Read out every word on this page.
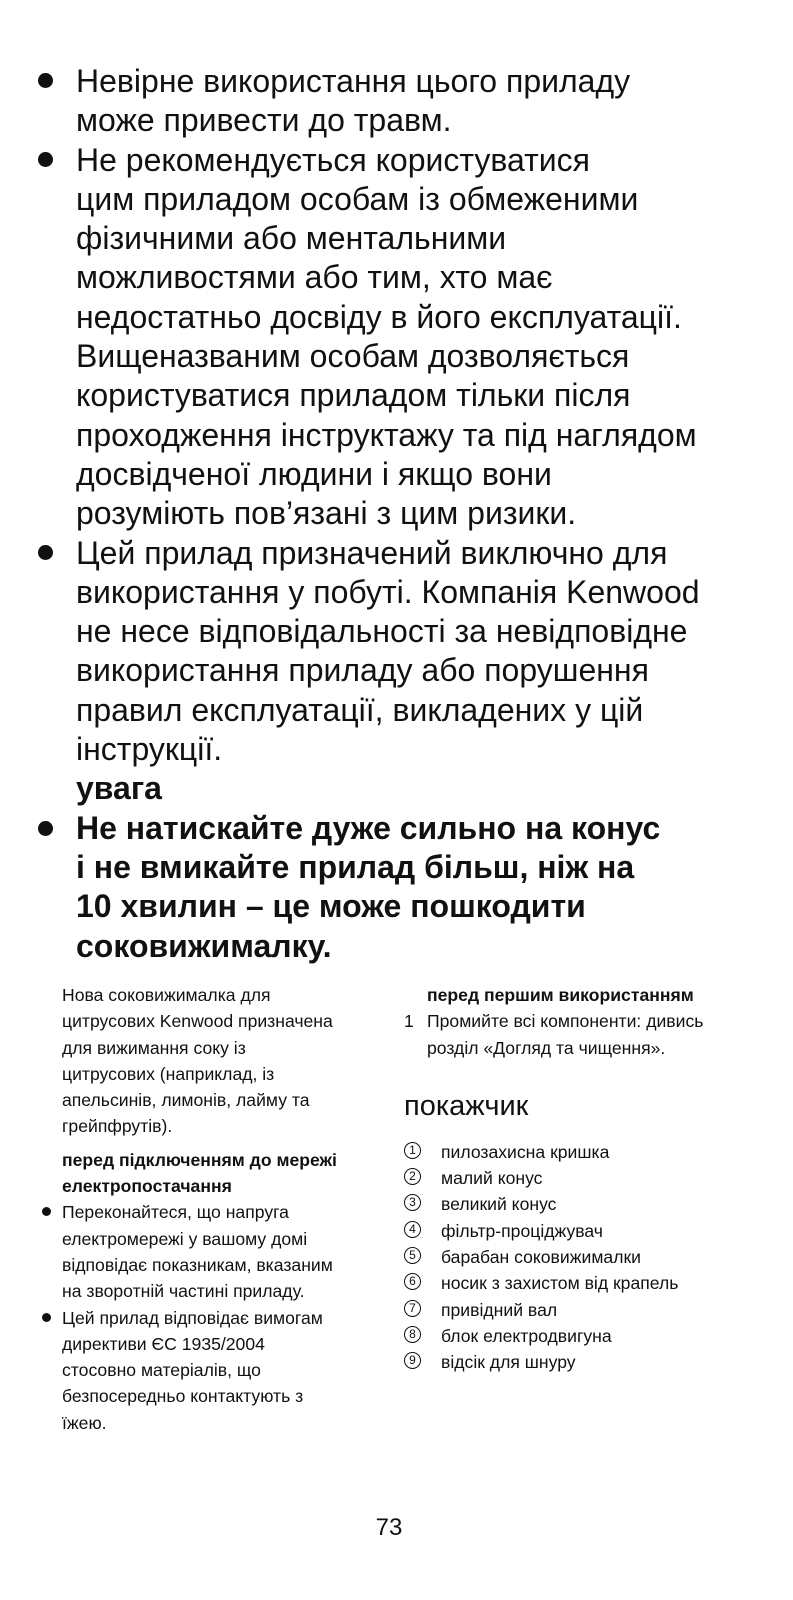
Невірне використання цього приладу
може привести до травм.
Не рекомендується користуватися
цим приладом особам із обмеженими
фізичними або ментальними
можливостями або тим, хто має
недостатньо досвіду в його експлуатації.
Вищеназваним особам дозволяється
користуватися приладом тільки після
проходження інструктажу та під наглядом
досвідченої людини і якщо вони
розуміють пов’язані з цим ризики.
Цей прилад призначений виключно для
використання у побуті. Компанія Kenwood
не несе відповідальності за невідповідне
використання приладу або порушення
правил експлуатації, викладених у цій
інструкції.
увага
Не натискайте дуже сильно на конус
і не вмикайте прилад більш, ніж на
10 хвилин – це може пошкодити
соковижималку.
Нова соковижималка для
цитрусових Kenwood призначена
для вижимання соку із
цитрусових (наприклад, із
апельсинів, лимонів, лайму та
грейпфрутів).
перед підключенням до мережі
електропостачання
Переконайтеся, що напруга
електромережі у вашому домі
відповідає показникам, вказаним
на зворотній частині приладу.
Цей прилад відповідає вимогам
директиви ЄС 1935/2004
стосовно матеріалів, що
безпосередньо контактують з
їжею.
перед першим використанням
1 Промийте всі компоненти: дивись
розділ «Догляд та чищення».
покажчик
1 пилозахисна кришка
2 малий конус
3 великий конус
4 фільтр-проціджувач
5 барабан соковижималки
6 носик з захистом від крапель
7 привідний вал
8 блок електродвигуна
9 відсік для шнуру
73
